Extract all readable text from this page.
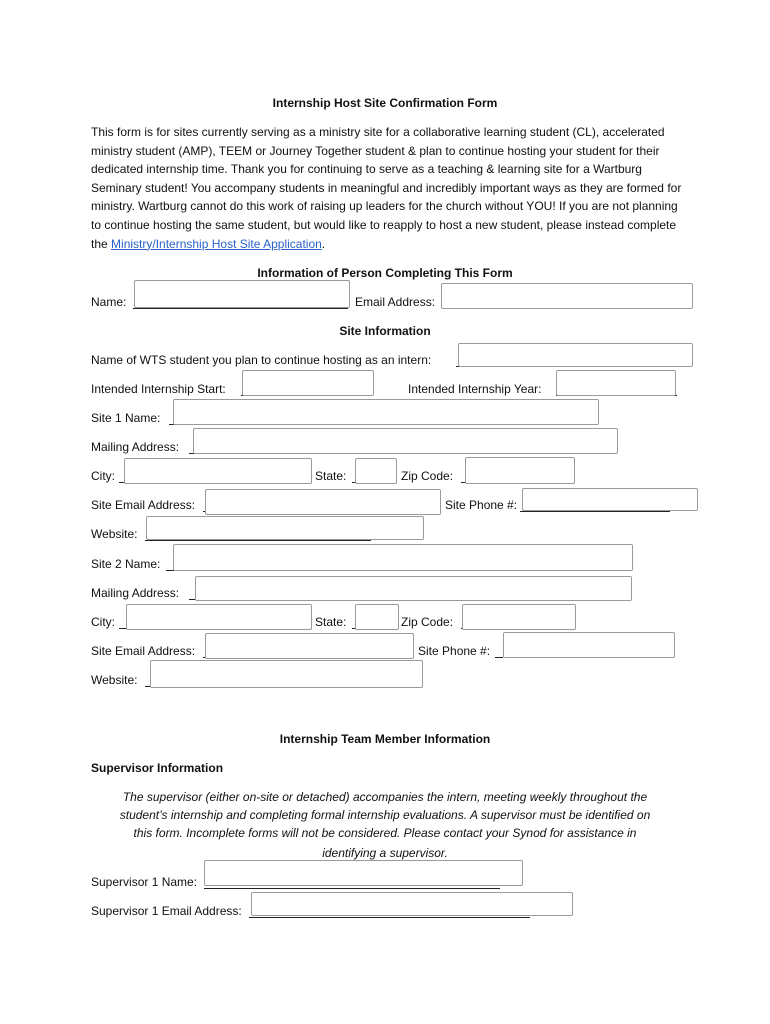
Internship Host Site Confirmation Form
This form is for sites currently serving as a ministry site for a collaborative learning student (CL), accelerated ministry student (AMP), TEEM or Journey Together student & plan to continue hosting your student for their dedicated internship time. Thank you for continuing to serve as a teaching & learning site for a Wartburg Seminary student! You accompany students in meaningful and incredibly important ways as they are formed for ministry. Wartburg cannot do this work of raising up leaders for the church without YOU! If you are not planning to continue hosting the same student, but would like to reapply to host a new student, please instead complete the Ministry/Internship Host Site Application.
Information of Person Completing This Form
Name:	Email Address:
Site Information
Name of WTS student you plan to continue hosting as an intern:
Intended Internship Start:	Intended Internship Year:
Site 1 Name:
Mailing Address:
City:	State:	Zip Code:
Site Email Address:	Site Phone #:
Website:
Site 2 Name:
Mailing Address:
City:	State:	Zip Code:
Site Email Address:	Site Phone #:
Website:
Internship Team Member Information
Supervisor Information
The supervisor (either on-site or detached) accompanies the intern, meeting weekly throughout the
student’s internship and completing formal internship evaluations. A supervisor must be identified on
this form. Incomplete forms will not be considered. Please contact your Synod for assistance in
identifying a supervisor.
Supervisor 1 Name:
Supervisor 1 Email Address:
